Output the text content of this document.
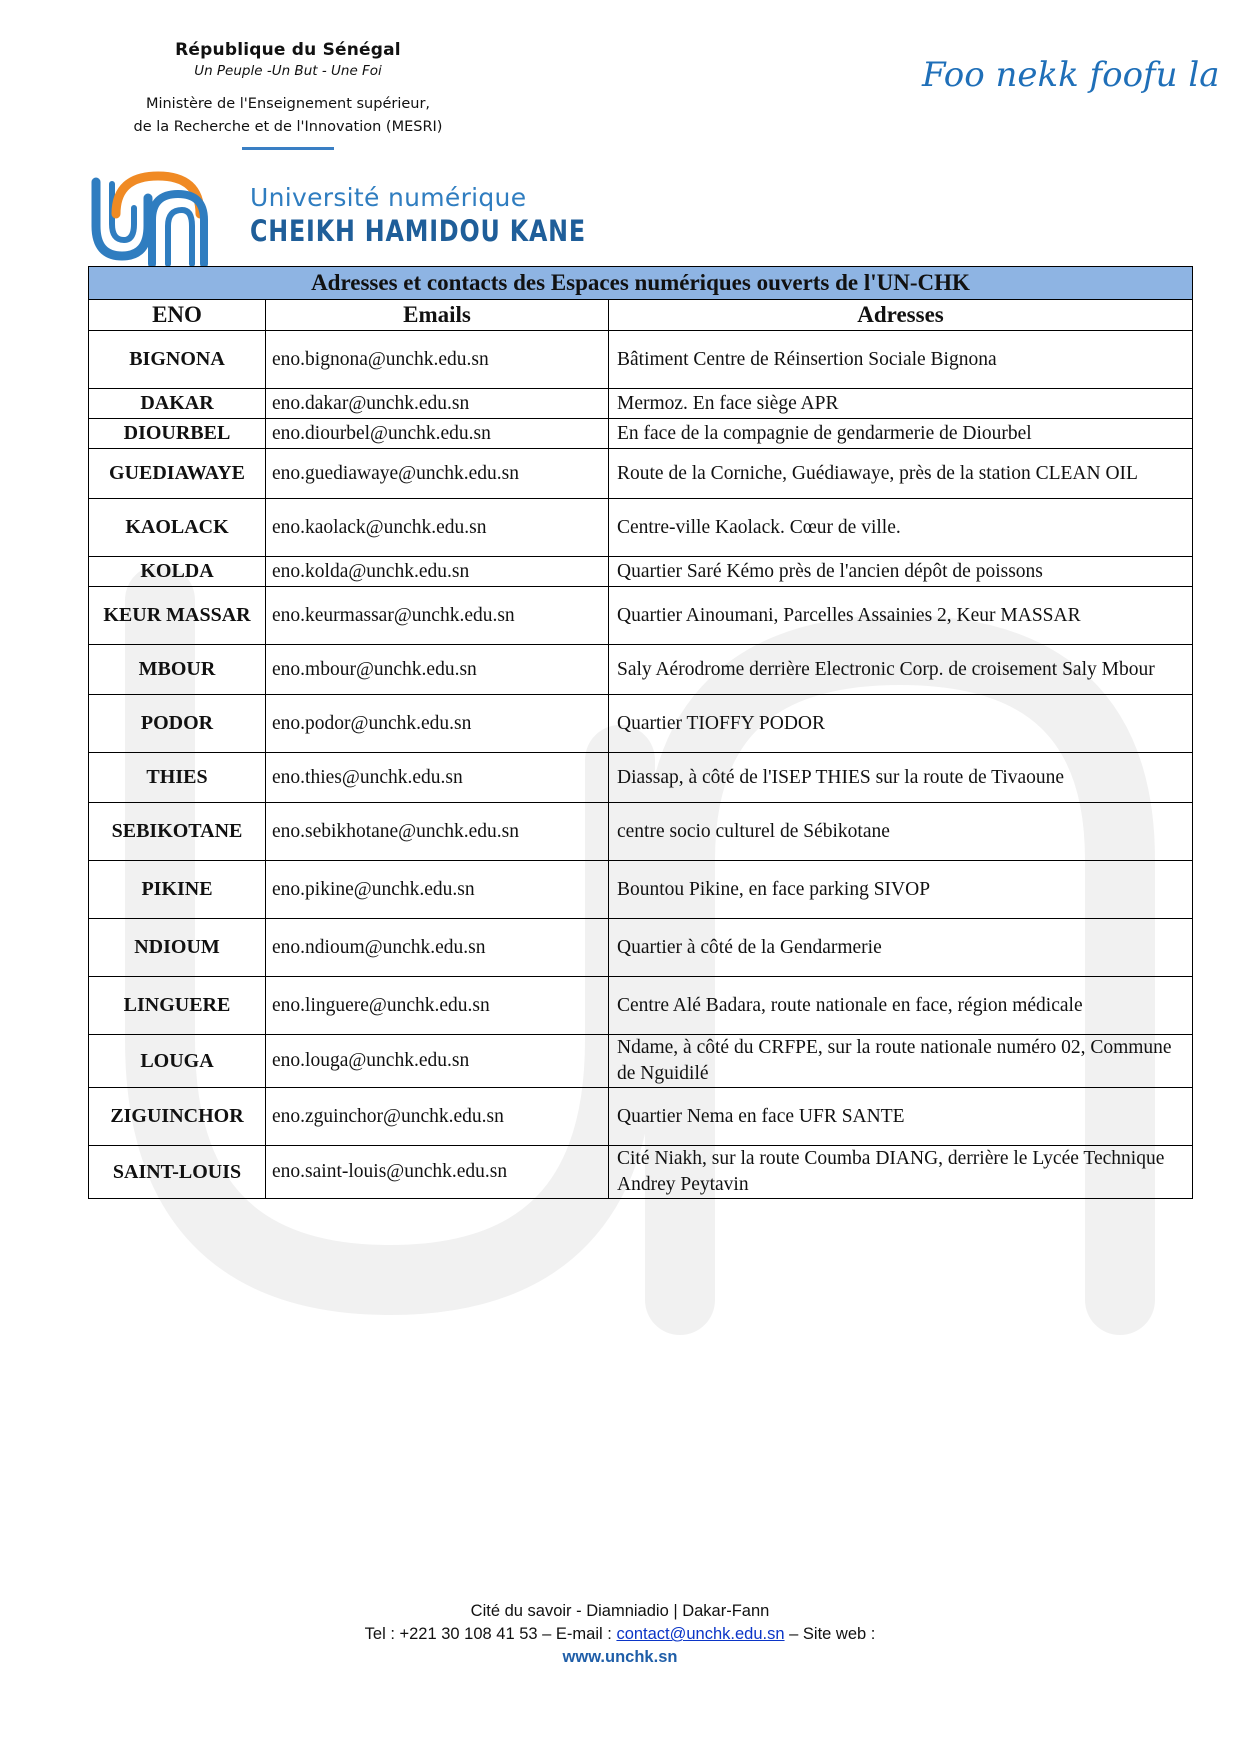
République du Sénégal
Un Peuple -Un But - Une Foi
Ministère de l'Enseignement supérieur,
de la Recherche et de l'Innovation (MESRI)
Foo nekk foofu la
Université numérique
CHEIKH HAMIDOU KANE
Adresses et contacts des Espaces numériques ouverts de l'UN-CHK		
ENO	Emails	Adresses
BIGNONA	eno.bignona@unchk.edu.sn	Bâtiment Centre de Réinsertion Sociale Bignona
DAKAR	eno.dakar@unchk.edu.sn	Mermoz. En face siège APR
DIOURBEL	eno.diourbel@unchk.edu.sn	En face de la compagnie de gendarmerie de Diourbel
GUEDIAWAYE	eno.guediawaye@unchk.edu.sn	Route de la Corniche, Guédiawaye, près de la station CLEAN OIL
KAOLACK	eno.kaolack@unchk.edu.sn	Centre-ville Kaolack. Cœur de ville.
KOLDA	eno.kolda@unchk.edu.sn	Quartier Saré Kémo près de l'ancien dépôt de poissons
KEUR MASSAR	eno.keurmassar@unchk.edu.sn	Quartier Ainoumani, Parcelles Assainies 2, Keur MASSAR
MBOUR	eno.mbour@unchk.edu.sn	Saly Aérodrome derrière Electronic Corp. de croisement Saly Mbour
PODOR	eno.podor@unchk.edu.sn	Quartier TIOFFY PODOR
THIES	eno.thies@unchk.edu.sn	Diassap, à côté de l'ISEP THIES sur la route de Tivaoune
SEBIKOTANE	eno.sebikhotane@unchk.edu.sn	centre socio culturel de Sébikotane
PIKINE	eno.pikine@unchk.edu.sn	Bountou Pikine, en face parking SIVOP
NDIOUM	eno.ndioum@unchk.edu.sn	Quartier à côté de la Gendarmerie
LINGUERE	eno.linguere@unchk.edu.sn	Centre Alé Badara, route nationale en face, région médicale
LOUGA	eno.louga@unchk.edu.sn	Ndame, à côté du CRFPE, sur la route nationale numéro 02, Commune de Nguidilé
ZIGUINCHOR	eno.zguinchor@unchk.edu.sn	Quartier Nema en face UFR SANTE
SAINT-LOUIS	eno.saint-louis@unchk.edu.sn	Cité Niakh, sur la route Coumba DIANG, derrière le Lycée Technique Andrey Peytavin
Cité du savoir - Diamniadio | Dakar-Fann
Tel : +221 30 108 41 53 – E-mail : contact@unchk.edu.sn – Site web :
www.unchk.sn
